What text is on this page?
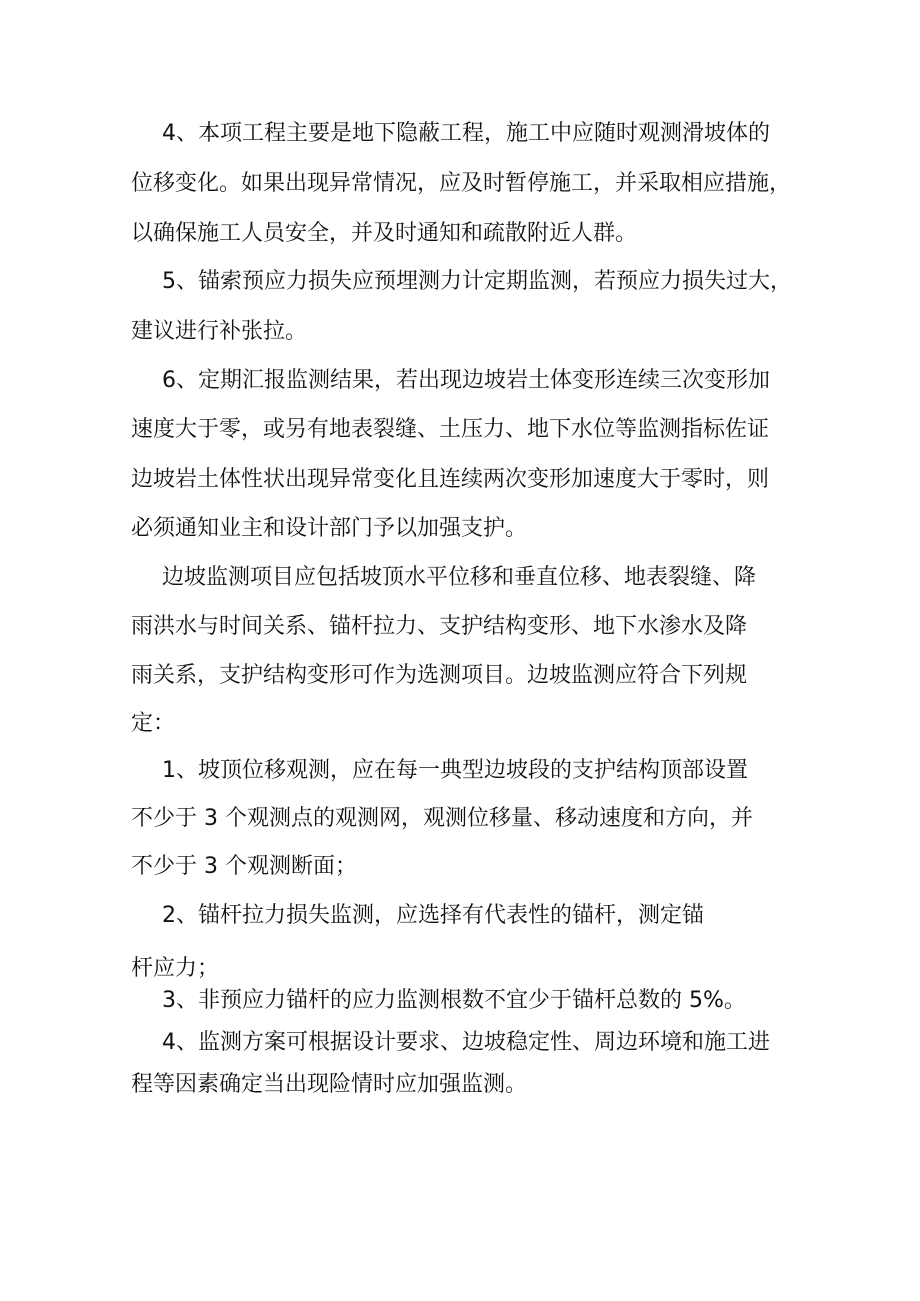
4、本项工程主要是地下隐蔽工程，施工中应随时观测滑坡体的
位移变化。如果出现异常情况，应及时暂停施工，并采取相应措施，
以确保施工人员安全，并及时通知和疏散附近人群。
5、锚索预应力损失应预埋测力计定期监测，若预应力损失过大，
建议进行补张拉。
6、定期汇报监测结果，若出现边坡岩土体变形连续三次变形加
速度大于零，或另有地表裂缝、土压力、地下水位等监测指标佐证
边坡岩土体性状出现异常变化且连续两次变形加速度大于零时，则
必须通知业主和设计部门予以加强支护。
边坡监测项目应包括坡顶水平位移和垂直位移、地表裂缝、降
雨洪水与时间关系、锚杆拉力、支护结构变形、地下水渗水及降
雨关系，支护结构变形可作为选测项目。边坡监测应符合下列规
定：
1、坡顶位移观测，应在每一典型边坡段的支护结构顶部设置
不少于 3 个观测点的观测网，观测位移量、移动速度和方向，并
不少于 3 个观测断面；
2、锚杆拉力损失监测，应选择有代表性的锚杆，测定锚
杆应力；
3、非预应力锚杆的应力监测根数不宜少于锚杆总数的 5%。
4、监测方案可根据设计要求、边坡稳定性、周边环境和施工进
程等因素确定当出现险情时应加强监测。
